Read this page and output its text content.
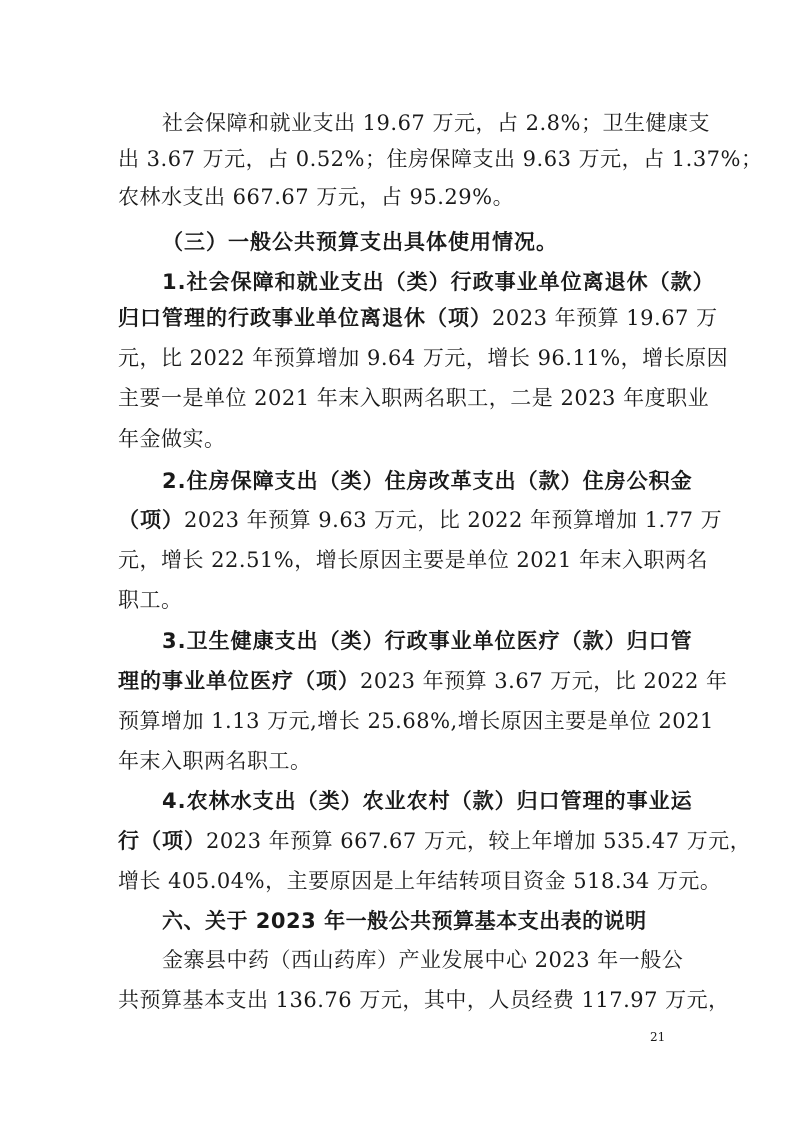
社会保障和就业支出 19.67 万元，占 2.8%；卫生健康支
出 3.67 万元，占 0.52%；住房保障支出 9.63 万元，占 1.37%；
农林水支出 667.67 万元，占 95.29%。
（三）一般公共预算支出具体使用情况。
1.社会保障和就业支出（类）行政事业单位离退休（款）
归口管理的行政事业单位离退休（项）2023 年预算 19.67 万
元，比 2022 年预算增加 9.64 万元，增长 96.11%，增长原因
主要一是单位 2021 年末入职两名职工，二是 2023 年度职业
年金做实。
2.住房保障支出（类）住房改革支出（款）住房公积金
（项）2023 年预算 9.63 万元，比 2022 年预算增加 1.77 万
元，增长 22.51%，增长原因主要是单位 2021 年末入职两名
职工。
3.卫生健康支出（类）行政事业单位医疗（款）归口管
理的事业单位医疗（项）2023 年预算 3.67 万元，比 2022 年
预算增加 1.13 万元,增长 25.68%,增长原因主要是单位 2021
年末入职两名职工。
4.农林水支出（类）农业农村（款）归口管理的事业运
行（项）2023 年预算 667.67 万元，较上年增加 535.47 万元，
增长 405.04%，主要原因是上年结转项目资金 518.34 万元。
六、关于 2023 年一般公共预算基本支出表的说明
金寨县中药（西山药库）产业发展中心 2023 年一般公
共预算基本支出 136.76 万元，其中，人员经费 117.97 万元，
21
